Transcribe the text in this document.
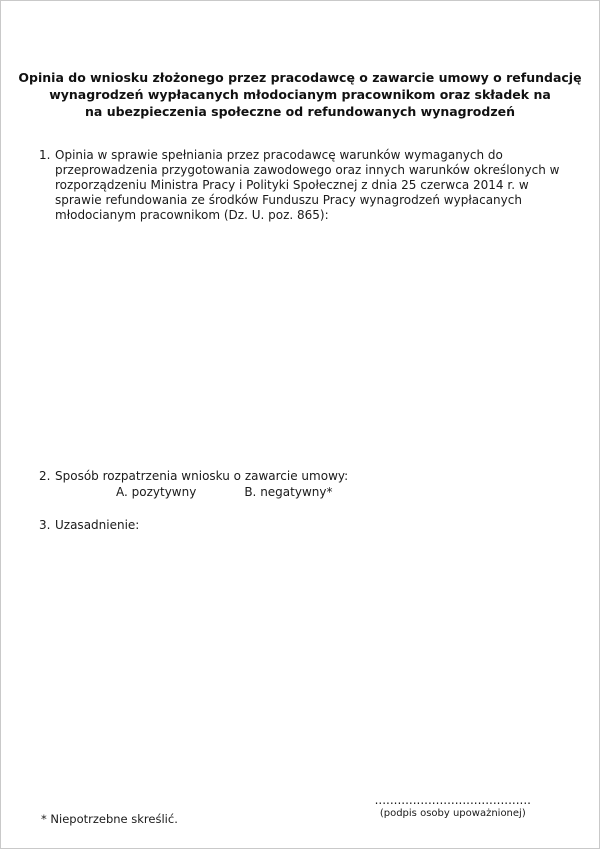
Opinia do wniosku złożonego przez pracodawcę o zawarcie umowy o refundację
wynagrodzeń wypłacanych młodocianym pracownikom oraz składek na
na ubezpieczenia społeczne od refundowanych wynagrodzeń
1. Opinia w sprawie spełniania przez pracodawcę warunków wymaganych do przeprowadzenia przygotowania zawodowego oraz innych warunków określonych w rozporządzeniu Ministra Pracy i Polityki Społecznej z dnia 25 czerwca 2014 r. w sprawie refundowania ze środków Funduszu Pracy wynagrodzeń wypłacanych młodocianym pracownikom (Dz. U. poz. 865):
2. Sposób rozpatrzenia wniosku o zawarcie umowy:
A. pozytywny	B. negatywny*
3. Uzasadnienie:
* Niepotrzebne skreślić.
.........................................
(podpis osoby upoważnionej)
